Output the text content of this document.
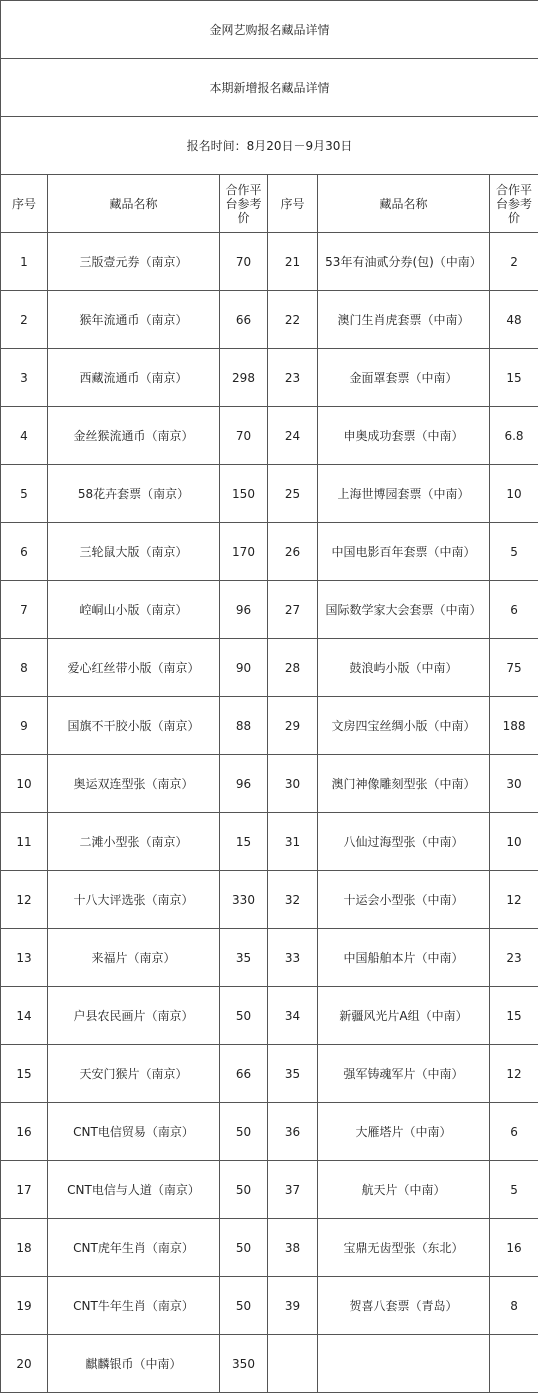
金网艺购报名藏品详情					
本期新增报名藏品详情					
报名时间：8月20日－9月30日					
序号	藏品名称	合作平台参考价	序号	藏品名称	合作平台参考价
1	三版壹元券（南京）	70	21	53年有油贰分券(包)（中南）	2
2	猴年流通币（南京）	66	22	澳门生肖虎套票（中南）	48
3	西藏流通币（南京）	298	23	金面罩套票（中南）	15
4	金丝猴流通币（南京）	70	24	申奥成功套票（中南）	6.8
5	58花卉套票（南京）	150	25	上海世博园套票（中南）	10
6	三轮鼠大版（南京）	170	26	中国电影百年套票（中南）	5
7	崆峒山小版（南京）	96	27	国际数学家大会套票（中南）	6
8	爱心红丝带小版（南京）	90	28	鼓浪屿小版（中南）	75
9	国旗不干胶小版（南京）	88	29	文房四宝丝绸小版（中南）	188
10	奥运双连型张（南京）	96	30	澳门神像雕刻型张（中南）	30
11	二滩小型张（南京）	15	31	八仙过海型张（中南）	10
12	十八大评选张（南京）	330	32	十运会小型张（中南）	12
13	来福片（南京）	35	33	中国船舶本片（中南）	23
14	户县农民画片（南京）	50	34	新疆风光片A组（中南）	15
15	天安门猴片（南京）	66	35	强军铸魂军片（中南）	12
16	CNT电信贸易（南京）	50	36	大雁塔片（中南）	6
17	CNT电信与人道（南京）	50	37	航天片（中南）	5
18	CNT虎年生肖（南京）	50	38	宝鼎无齿型张（东北）	16
19	CNT牛年生肖（南京）	50	39	贺喜八套票（青岛）	8
20	麒麟银币（中南）	350			
